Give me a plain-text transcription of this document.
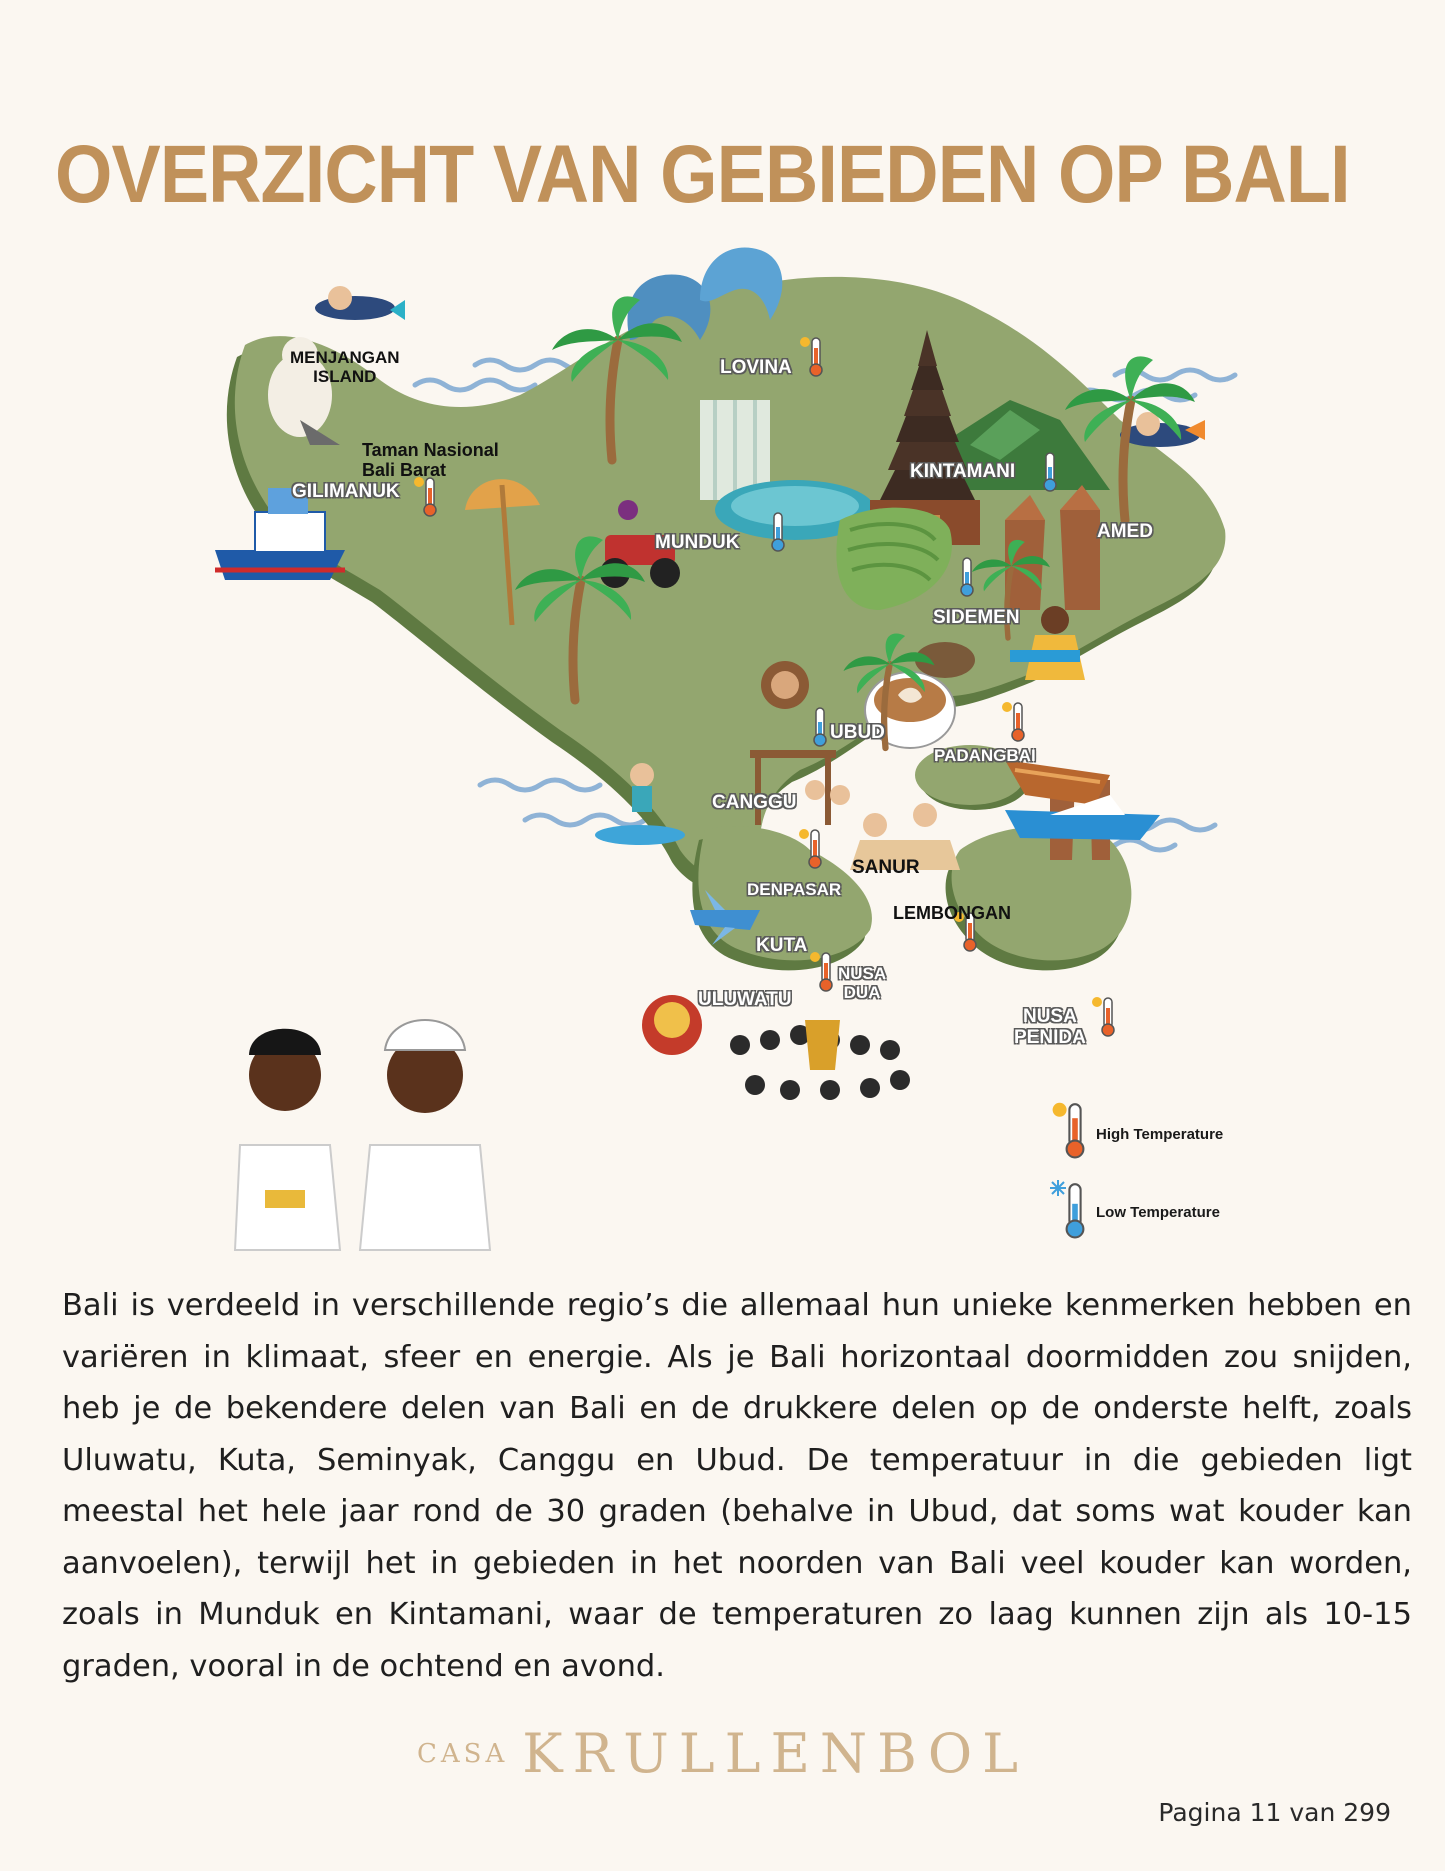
OVERZICHT VAN GEBIEDEN OP BALI
MENJANGAN
ISLAND
Taman Nasional
Bali Barat
GILIMANUK
LOVINA
MUNDUK
KINTAMANI
AMED
SIDEMEN
UBUD
PADANGBAI
CANGGU
SANUR
DENPASAR
LEMBONGAN
KUTA
NUSA
DUA
ULUWATU
NUSA
PENIDA
High Temperature
Low Temperature

Bali is verdeeld in verschillende regio’s die allemaal hun unieke kenmerken hebben en variëren in klimaat, sfeer en energie. Als je Bali horizontaal doormidden zou snijden, heb je de bekendere delen van Bali en de drukkere delen op de onderste helft, zoals Uluwatu, Kuta, Seminyak, Canggu en Ubud. De temperatuur in die gebieden ligt meestal het hele jaar rond de 30 graden (behalve in Ubud, dat soms wat kouder kan aanvoelen), terwijl het in gebieden in het noorden van Bali veel kouder kan worden, zoals in Munduk en Kintamani, waar de temperaturen zo laag kunnen zijn als 10-15 graden, vooral in de ochtend en avond.

CASA KRULLENBOL
Pagina 11 van 299
